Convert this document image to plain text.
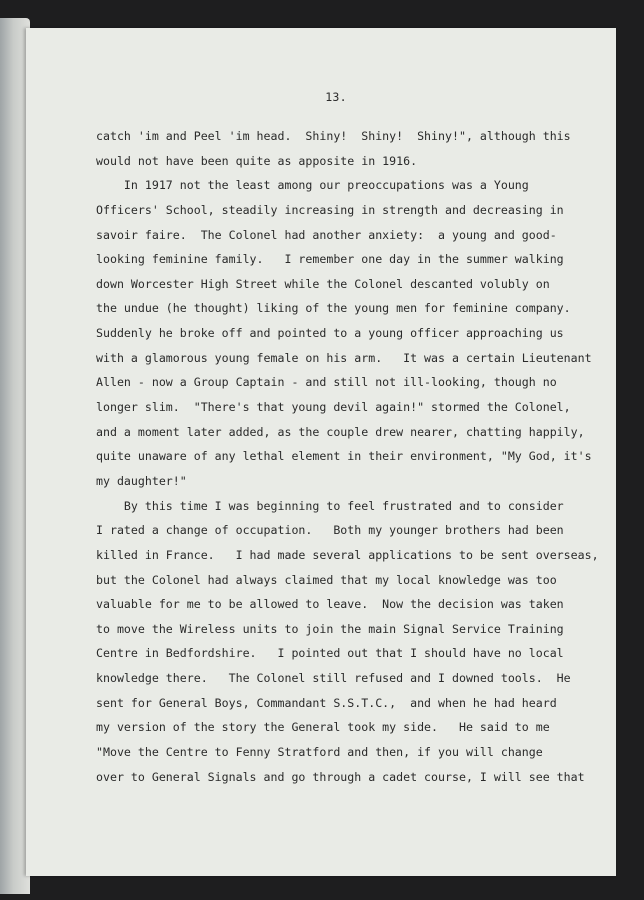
13.
catch 'im and Peel 'im head.  Shiny!  Shiny!  Shiny!", although this
would not have been quite as apposite in 1916.
In 1917 not the least among our preoccupations was a Young
Officers' School, steadily increasing in strength and decreasing in
savoir faire.  The Colonel had another anxiety:  a young and good-
looking feminine family.   I remember one day in the summer walking
down Worcester High Street while the Colonel descanted volubly on
the undue (he thought) liking of the young men for feminine company.
Suddenly he broke off and pointed to a young officer approaching us
with a glamorous young female on his arm.   It was a certain Lieutenant
Allen - now a Group Captain - and still not ill-looking, though no
longer slim.  "There's that young devil again!" stormed the Colonel,
and a moment later added, as the couple drew nearer, chatting happily,
quite unaware of any lethal element in their environment, "My God, it's
my daughter!"
By this time I was beginning to feel frustrated and to consider
I rated a change of occupation.   Both my younger brothers had been
killed in France.   I had made several applications to be sent overseas,
but the Colonel had always claimed that my local knowledge was too
valuable for me to be allowed to leave.  Now the decision was taken
to move the Wireless units to join the main Signal Service Training
Centre in Bedfordshire.   I pointed out that I should have no local
knowledge there.   The Colonel still refused and I downed tools.  He
sent for General Boys, Commandant S.S.T.C.,  and when he had heard
my version of the story the General took my side.   He said to me
"Move the Centre to Fenny Stratford and then, if you will change
over to General Signals and go through a cadet course, I will see that
